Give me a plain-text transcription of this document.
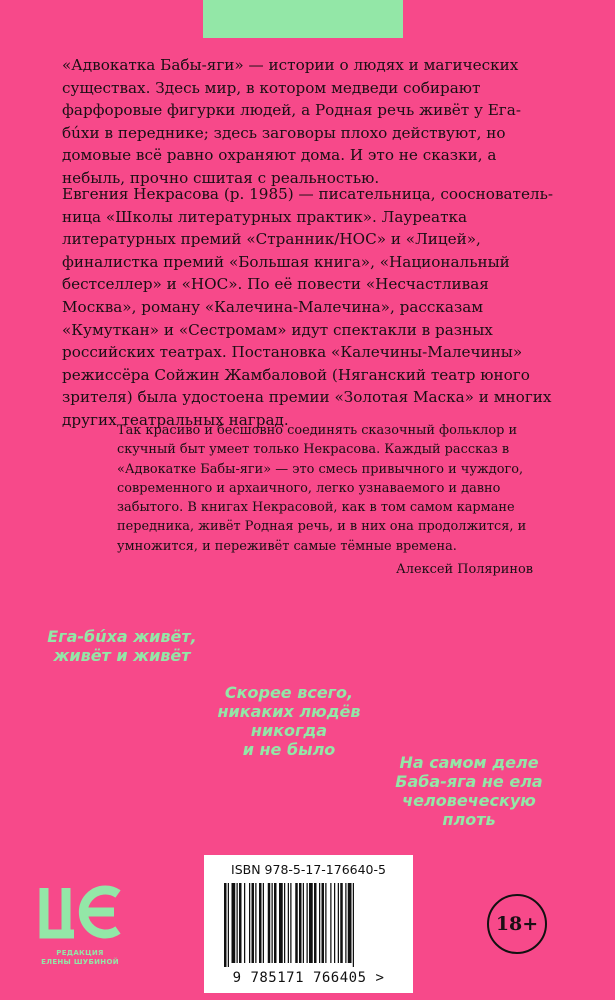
«Адвокатка Бабы-яги» — истории о людях и магических существах. Здесь мир, в котором медведи собирают фарфоровые фигурки людей, а Родная речь живёт у Ега-бúхи в переднике; здесь заговоры плохо действуют, но домовые всё равно охраняют дома. И это не сказки, а небыль, прочно сшитая с реальностью.

Евгения Некрасова (р. 1985) — писательница, соосновательница «Школы литературных практик». Лауреатка литературных премий «Странник/НОС» и «Лицей», финалистка премий «Большая книга», «Национальный бестселлер» и «НОС». По её повести «Несчастливая Москва», роману «Калечина-Малечина», рассказам «Кумуткан» и «Сестромам» идут спектакли в разных российских театрах. Постановка «Калечины-Малечины» режиссёра Сойжин Жамбаловой (Няганский театр юного зрителя) была удостоена премии «Золотая Маска» и многих других театральных наград.

Так красиво и бесшовно соединять сказочный фольклор и скучный быт умеет только Некрасова. Каждый рассказ в «Адвокатке Бабы-яги» — это смесь привычного и чуждого, современного и архаичного, легко узнаваемого и давно забытого. В книгах Некрасовой, как в том самом кармане передника, живёт Родная речь, и в них она продолжится, и умножится, и переживёт самые тёмные времена.

Алексей Поляринов
Ега-бúха живёт,
живёт и живёт
Скорее всего,
никаких людёв
никогда
и не было
На самом деле
Баба-яга не ела
человеческую
плоть
РЕДАКЦИЯ
ЕЛЕНЫ ШУБИНОЙ
ISBN 978-5-17-176640-5
9 785171 766405 >
18+
